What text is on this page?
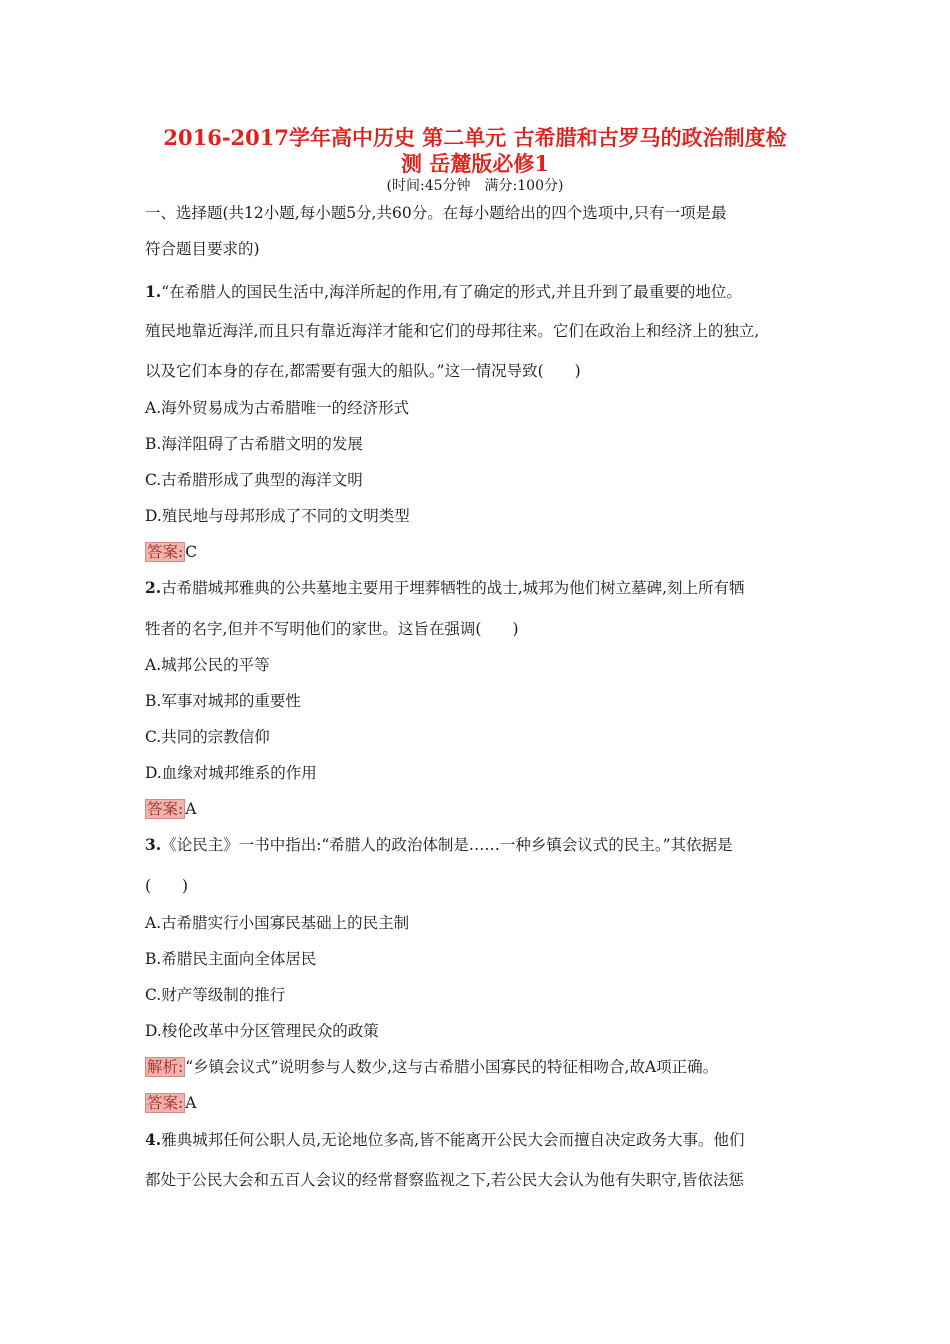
2016-2017学年高中历史 第二单元 古希腊和古罗马的政治制度检
测 岳麓版必修1
(时间:45分钟　满分:100分)
一、选择题(共12小题,每小题5分,共60分。在每小题给出的四个选项中,只有一项是最
符合题目要求的)
1.“在希腊人的国民生活中,海洋所起的作用,有了确定的形式,并且升到了最重要的地位。
殖民地靠近海洋,而且只有靠近海洋才能和它们的母邦往来。它们在政治上和经济上的独立,
以及它们本身的存在,都需要有强大的船队。”这一情况导致(　　)
A.海外贸易成为古希腊唯一的经济形式
B.海洋阻碍了古希腊文明的发展
C.古希腊形成了典型的海洋文明
D.殖民地与母邦形成了不同的文明类型
答案: C
2.古希腊城邦雅典的公共墓地主要用于埋葬牺牲的战士,城邦为他们树立墓碑,刻上所有牺
牲者的名字,但并不写明他们的家世。这旨在强调(　　)
A.城邦公民的平等
B.军事对城邦的重要性
C.共同的宗教信仰
D.血缘对城邦维系的作用
答案: A
3.《论民主》一书中指出:“希腊人的政治体制是……一种乡镇会议式的民主。”其依据是
(　　)
A.古希腊实行小国寡民基础上的民主制
B.希腊民主面向全体居民
C.财产等级制的推行
D.梭伦改革中分区管理民众的政策
解析: “乡镇会议式”说明参与人数少,这与古希腊小国寡民的特征相吻合,故A项正确。
答案: A
4.雅典城邦任何公职人员,无论地位多高,皆不能离开公民大会而擅自决定政务大事。他们
都处于公民大会和五百人会议的经常督察监视之下,若公民大会认为他有失职守,皆依法惩
